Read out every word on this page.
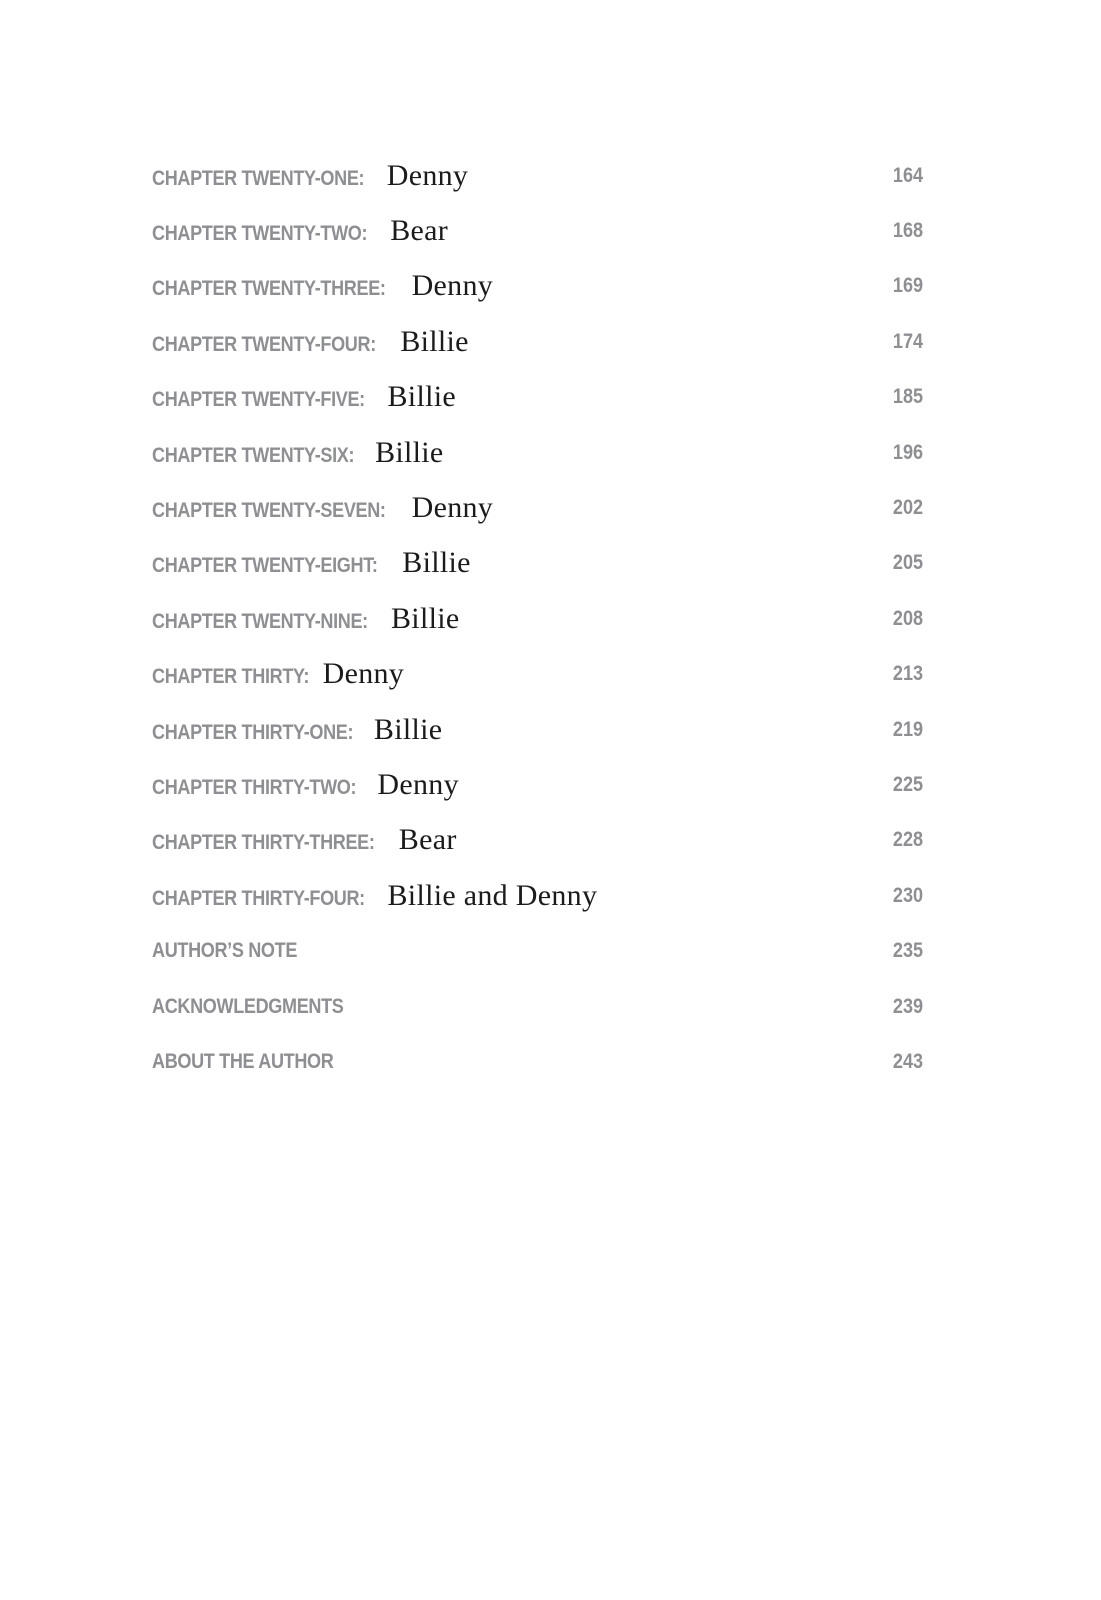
CHAPTER TWENTY-ONE: Denny	164
CHAPTER TWENTY-TWO: Bear	168
CHAPTER TWENTY-THREE: Denny	169
CHAPTER TWENTY-FOUR: Billie	174
CHAPTER TWENTY-FIVE: Billie	185
CHAPTER TWENTY-SIX: Billie	196
CHAPTER TWENTY-SEVEN: Denny	202
CHAPTER TWENTY-EIGHT: Billie	205
CHAPTER TWENTY-NINE: Billie	208
CHAPTER THIRTY: Denny	213
CHAPTER THIRTY-ONE: Billie	219
CHAPTER THIRTY-TWO: Denny	225
CHAPTER THIRTY-THREE: Bear	228
CHAPTER THIRTY-FOUR: Billie and Denny	230
AUTHOR’S NOTE	235
ACKNOWLEDGMENTS	239
ABOUT THE AUTHOR	243
